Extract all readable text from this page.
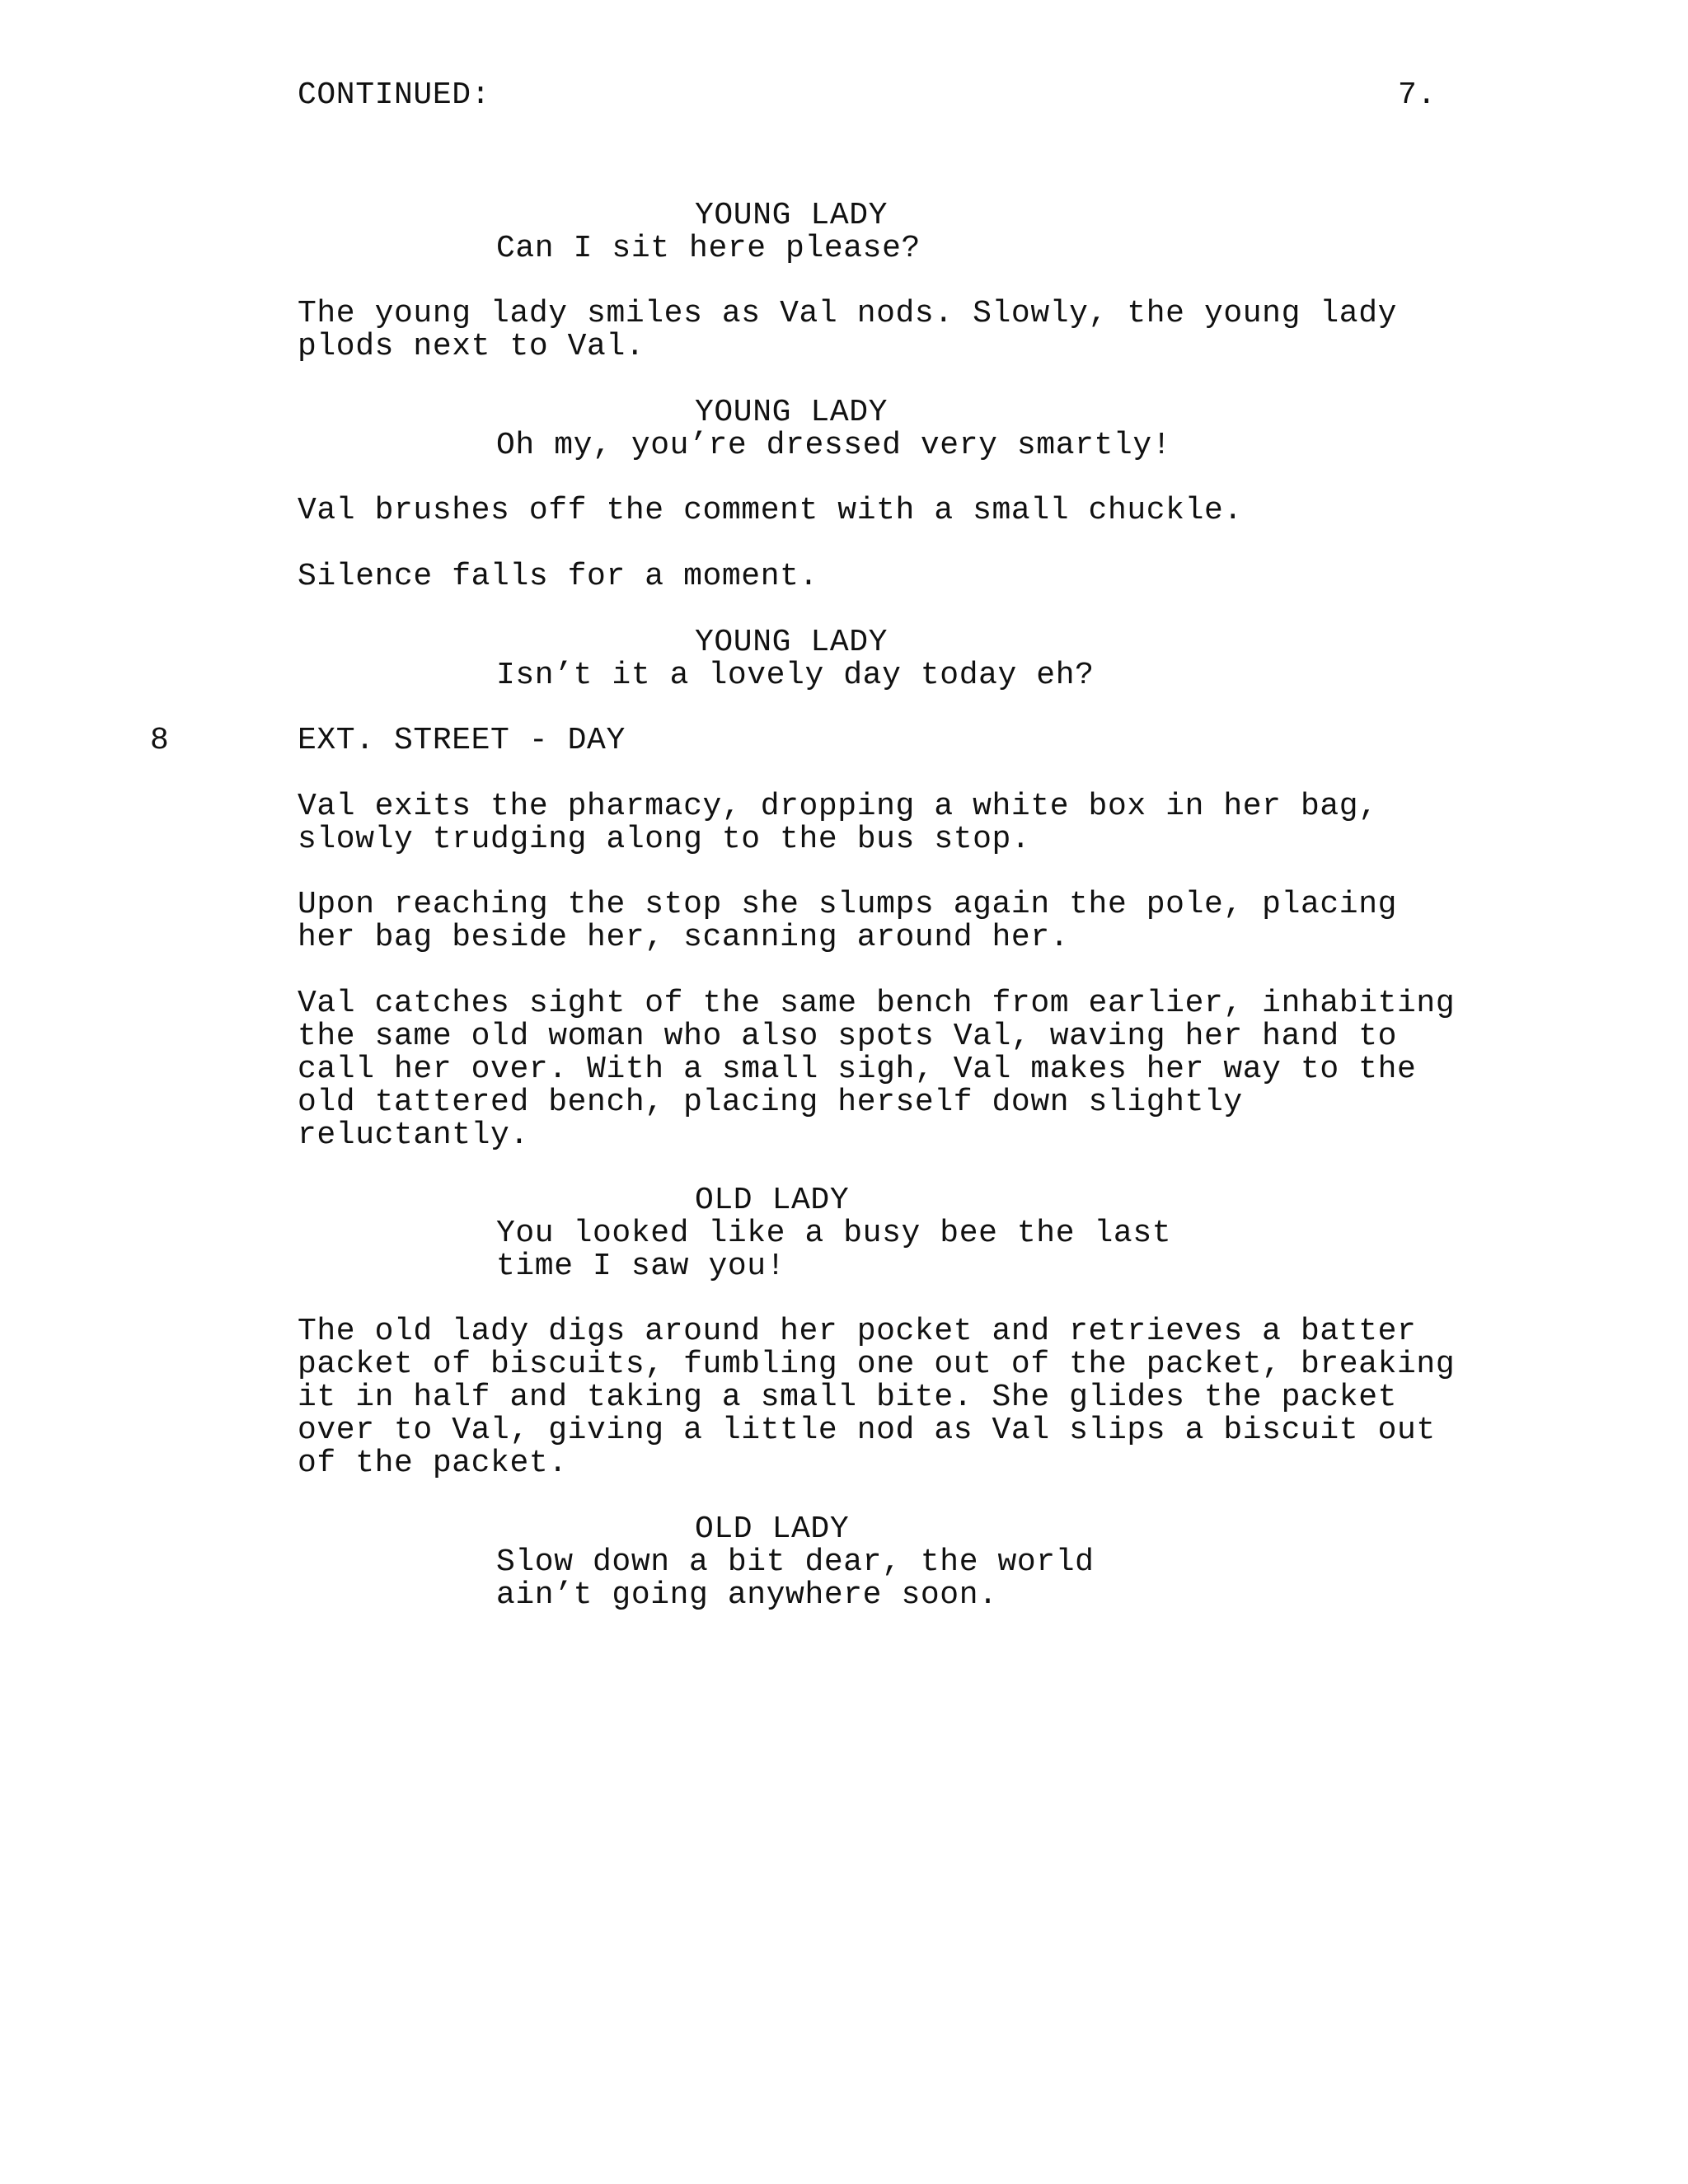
CONTINUED:	7.

YOUNG LADY

Can I sit here please?

The young lady smiles as Val nods. Slowly, the young lady

plods next to Val.

YOUNG LADY

Oh my, you’re dressed very smartly!

Val brushes off the comment with a small chuckle.

Silence falls for a moment.

YOUNG LADY

Isn’t it a lovely day today eh?

8	EXT. STREET - DAY

Val exits the pharmacy, dropping a white box in her bag,

slowly trudging along to the bus stop.

Upon reaching the stop she slumps again the pole, placing

her bag beside her, scanning around her.

Val catches sight of the same bench from earlier, inhabiting

the same old woman who also spots Val, waving her hand to

call her over. With a small sigh, Val makes her way to the

old tattered bench, placing herself down slightly

reluctantly.

OLD LADY

You looked like a busy bee the last

time I saw you!

The old lady digs around her pocket and retrieves a batter

packet of biscuits, fumbling one out of the packet, breaking

it in half and taking a small bite. She glides the packet

over to Val, giving a little nod as Val slips a biscuit out

of the packet.

OLD LADY

Slow down a bit dear, the world

ain’t going anywhere soon.
